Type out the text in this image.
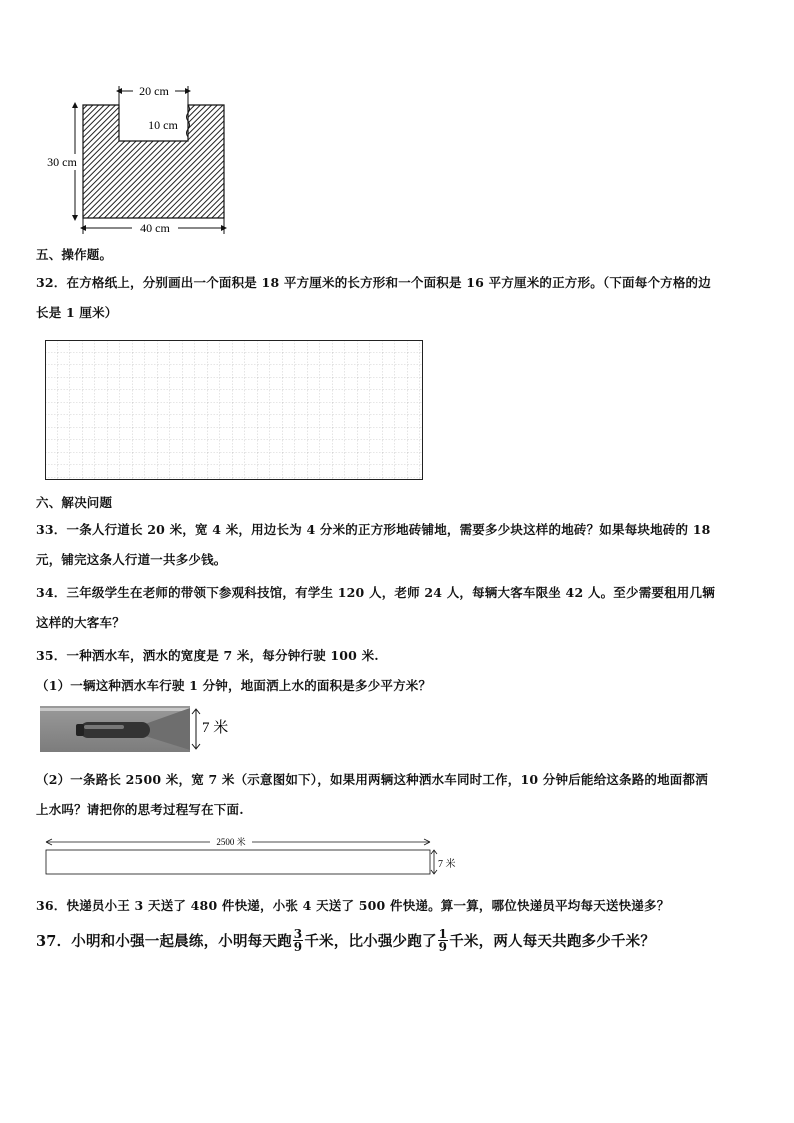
20 cm
10 cm
30 cm
40 cm
五、操作题。
32．在方格纸上，分别画出一个面积是 18 平方厘米的长方形和一个面积是 16 平方厘米的正方形。（下面每个方格的边
长是 1 厘米）
六、解决问题
33．一条人行道长 20 米，宽 4 米，用边长为 4 分米的正方形地砖铺地，需要多少块这样的地砖？如果每块地砖的 18
元，铺完这条人行道一共多少钱。
34．三年级学生在老师的带领下参观科技馆，有学生 120 人，老师 24 人，每辆大客车限坐 42 人。至少需要租用几辆
这样的大客车？
35．一种洒水车，洒水的宽度是 7 米，每分钟行驶 100 米.
（1）一辆这种洒水车行驶 1 分钟，地面洒上水的面积是多少平方米？
7 米
（2）一条路长 2500 米，宽 7 米（示意图如下），如果用两辆这种洒水车同时工作，10 分钟后能给这条路的地面都洒
上水吗？请把你的思考过程写在下面.
2500 米
7 米
36．快递员小王 3 天送了 480 件快递，小张 4 天送了 500 件快递。算一算，哪位快递员平均每天送快递多？
37．小明和小强一起晨练，小明每天跑 $\frac{3}{9}$ 千米，比小强少跑了 $\frac{1}{9}$ 千米，两人每天共跑多少千米？
